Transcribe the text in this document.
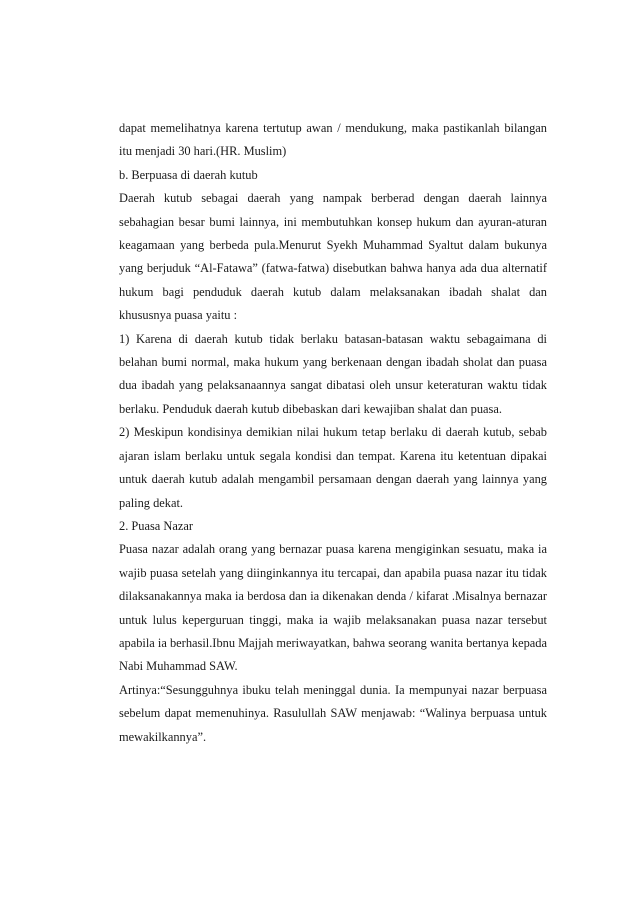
dapat memelihatnya karena tertutup awan / mendukung, maka pastikanlah bilangan itu menjadi 30 hari.(HR. Muslim)

b. Berpuasa di daerah kutub

Daerah kutub sebagai daerah yang nampak berberad dengan daerah lainnya sebahagian besar bumi lainnya, ini membutuhkan konsep hukum dan ayuran-aturan keagamaan yang berbeda pula.Menurut Syekh Muhammad Syaltut dalam bukunya yang berjuduk “Al-Fatawa” (fatwa-fatwa) disebutkan bahwa hanya ada dua alternatif hukum bagi penduduk daerah kutub dalam melaksanakan ibadah shalat dan khususnya puasa yaitu :

1) Karena di daerah kutub tidak berlaku batasan-batasan waktu sebagaimana di belahan bumi normal, maka hukum yang berkenaan dengan ibadah sholat dan puasa dua ibadah yang pelaksanaannya sangat dibatasi oleh unsur keteraturan waktu tidak berlaku. Penduduk daerah kutub dibebaskan dari kewajiban shalat dan puasa.

2) Meskipun kondisinya demikian nilai hukum tetap berlaku di daerah kutub, sebab ajaran islam berlaku untuk segala kondisi dan tempat. Karena itu ketentuan dipakai untuk daerah kutub adalah mengambil persamaan dengan daerah yang lainnya yang paling dekat.

2. Puasa Nazar

Puasa nazar adalah orang yang bernazar puasa karena mengiginkan sesuatu, maka ia wajib puasa setelah yang diinginkannya itu tercapai, dan apabila puasa nazar itu tidak dilaksanakannya maka ia berdosa dan ia dikenakan denda / kifarat .Misalnya bernazar untuk lulus keperguruan tinggi, maka ia wajib melaksanakan puasa nazar tersebut apabila ia berhasil.Ibnu Majjah meriwayatkan, bahwa seorang wanita bertanya kepada Nabi Muhammad SAW.

Artinya:“Sesungguhnya ibuku telah meninggal dunia. Ia mempunyai nazar berpuasa sebelum dapat memenuhinya. Rasulullah SAW menjawab: “Walinya berpuasa untuk mewakilkannya”.
